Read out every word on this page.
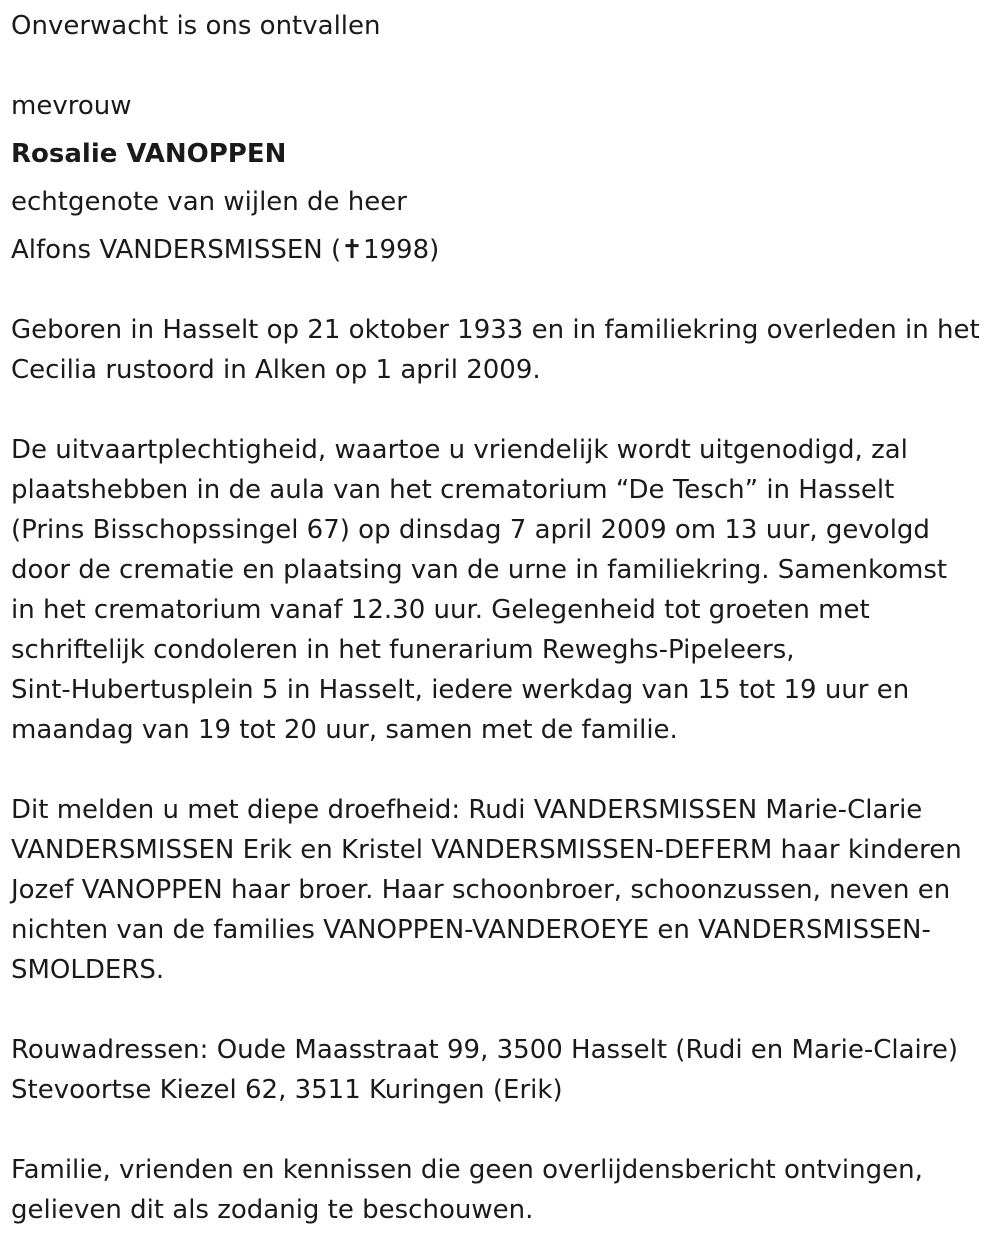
Onverwacht is ons ontvallen
mevrouw
Rosalie VANOPPEN
echtgenote van wijlen de heer
Alfons VANDERSMISSEN (✝1998)
Geboren in Hasselt op 21 oktober 1933 en in familiekring overleden in het
Cecilia rustoord in Alken op 1 april 2009.
De uitvaartplechtigheid, waartoe u vriendelijk wordt uitgenodigd, zal
plaatshebben in de aula van het crematorium “De Tesch” in Hasselt
(Prins Bisschopssingel 67) op dinsdag 7 april 2009 om 13 uur, gevolgd
door de crematie en plaatsing van de urne in familiekring. Samenkomst
in het crematorium vanaf 12.30 uur. Gelegenheid tot groeten met
schriftelijk condoleren in het funerarium Reweghs-Pipeleers,
Sint-Hubertusplein 5 in Hasselt, iedere werkdag van 15 tot 19 uur en
maandag van 19 tot 20 uur, samen met de familie.
Dit melden u met diepe droefheid: Rudi VANDERSMISSEN Marie-Clarie
VANDERSMISSEN Erik en Kristel VANDERSMISSEN-DEFERM haar kinderen
Jozef VANOPPEN haar broer. Haar schoonbroer, schoonzussen, neven en
nichten van de families VANOPPEN-VANDEROEYE en VANDERSMISSEN-
SMOLDERS.
Rouwadressen: Oude Maasstraat 99, 3500 Hasselt (Rudi en Marie-Claire)
Stevoortse Kiezel 62, 3511 Kuringen (Erik)
Familie, vrienden en kennissen die geen overlijdensbericht ontvingen,
gelieven dit als zodanig te beschouwen.
